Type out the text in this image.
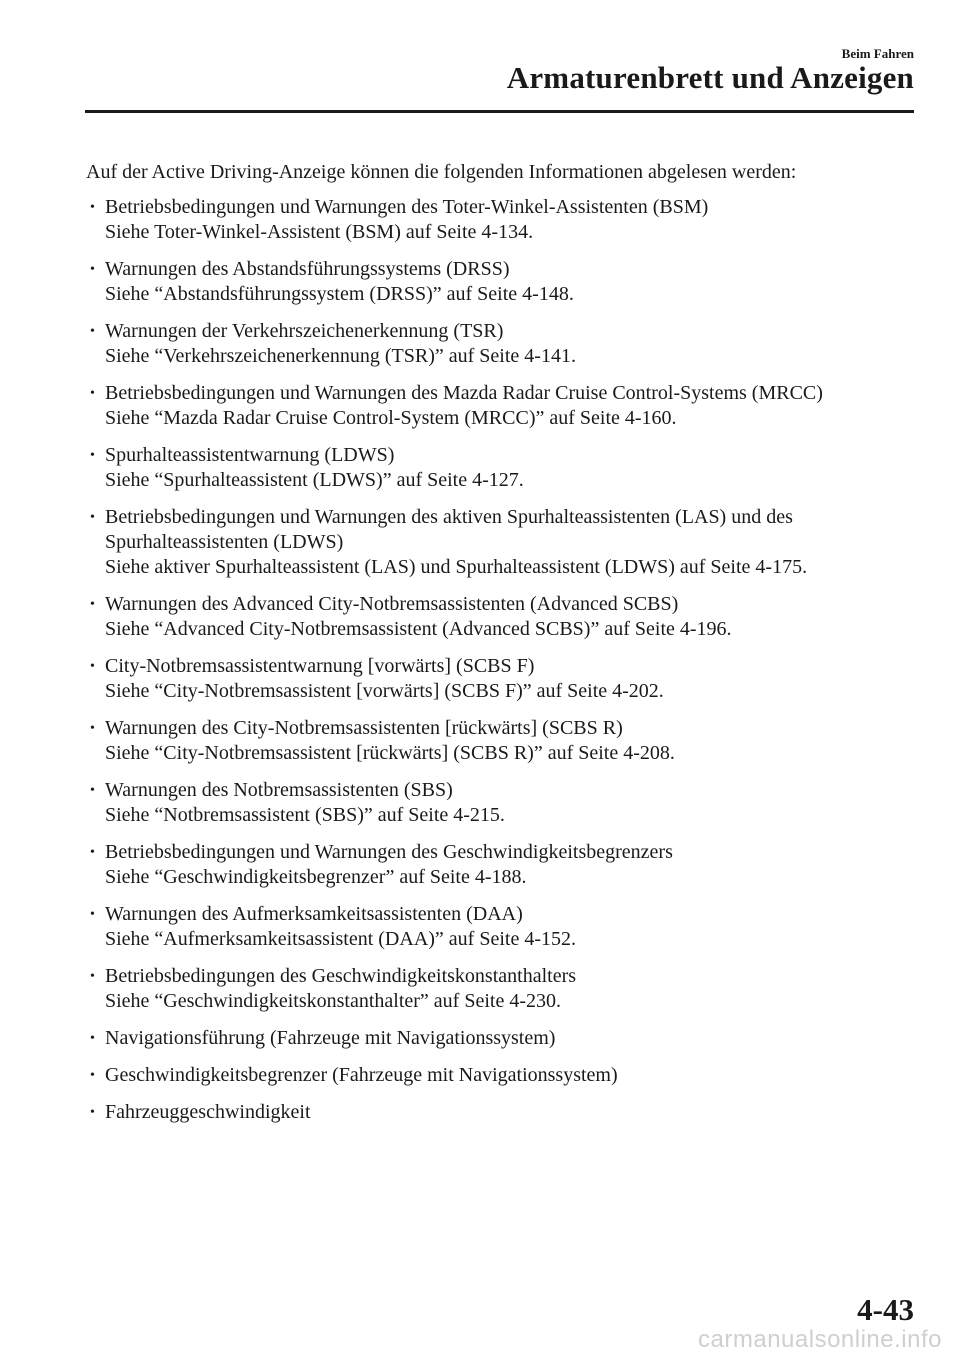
Beim Fahren
Armaturenbrett und Anzeigen

Auf der Active Driving-Anzeige können die folgenden Informationen abgelesen werden:

• Betriebsbedingungen und Warnungen des Toter-Winkel-Assistenten (BSM)
Siehe Toter-Winkel-Assistent (BSM) auf Seite 4-134.
• Warnungen des Abstandsführungssystems (DRSS)
Siehe “Abstandsführungssystem (DRSS)” auf Seite 4-148.
• Warnungen der Verkehrszeichenerkennung (TSR)
Siehe “Verkehrszeichenerkennung (TSR)” auf Seite 4-141.
• Betriebsbedingungen und Warnungen des Mazda Radar Cruise Control-Systems (MRCC)
Siehe “Mazda Radar Cruise Control-System (MRCC)” auf Seite 4-160.
• Spurhalteassistentwarnung (LDWS)
Siehe “Spurhalteassistent (LDWS)” auf Seite 4-127.
• Betriebsbedingungen und Warnungen des aktiven Spurhalteassistenten (LAS) und des
Spurhalteassistenten (LDWS)
Siehe aktiver Spurhalteassistent (LAS) und Spurhalteassistent (LDWS) auf Seite 4-175.
• Warnungen des Advanced City-Notbremsassistenten (Advanced SCBS)
Siehe “Advanced City-Notbremsassistent (Advanced SCBS)” auf Seite 4-196.
• City-Notbremsassistentwarnung [vorwärts] (SCBS F)
Siehe “City-Notbremsassistent [vorwärts] (SCBS F)” auf Seite 4-202.
• Warnungen des City-Notbremsassistenten [rückwärts] (SCBS R)
Siehe “City-Notbremsassistent [rückwärts] (SCBS R)” auf Seite 4-208.
• Warnungen des Notbremsassistenten (SBS)
Siehe “Notbremsassistent (SBS)” auf Seite 4-215.
• Betriebsbedingungen und Warnungen des Geschwindigkeitsbegrenzers
Siehe “Geschwindigkeitsbegrenzer” auf Seite 4-188.
• Warnungen des Aufmerksamkeitsassistenten (DAA)
Siehe “Aufmerksamkeitsassistent (DAA)” auf Seite 4-152.
• Betriebsbedingungen des Geschwindigkeitskonstanthalters
Siehe “Geschwindigkeitskonstanthalter” auf Seite 4-230.
• Navigationsführung (Fahrzeuge mit Navigationssystem)
• Geschwindigkeitsbegrenzer (Fahrzeuge mit Navigationssystem)
• Fahrzeuggeschwindigkeit
4-43
carmanualsonline.info
